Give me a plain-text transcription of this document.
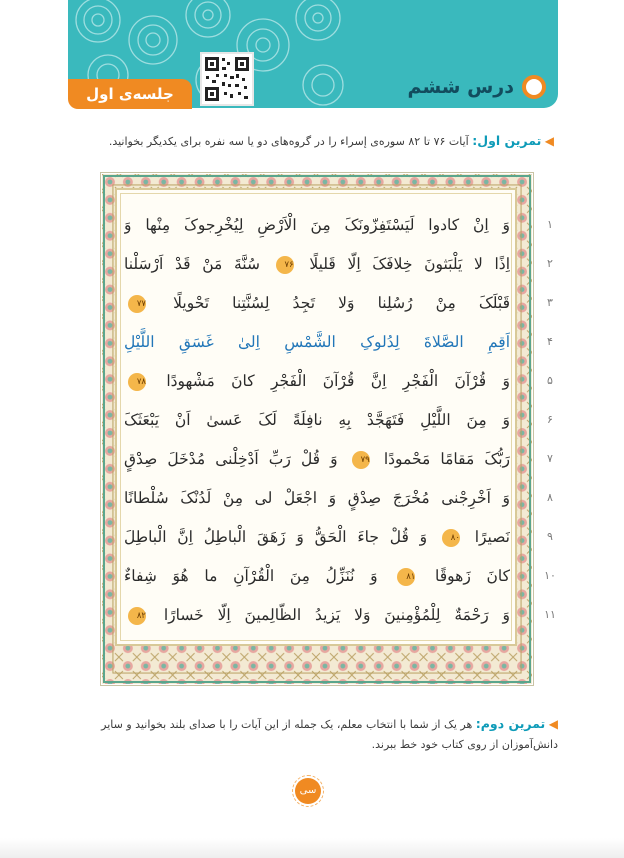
درس ششم
جلسه‌ی اول
◀ تمرین اول: آیات ۷۶ تا ۸۲ سوره‌ی إسراء را در گروه‌های دو یا سه نفره برای یکدیگر بخوانید.
وَ اِنْ کادوا لَیَسْتَفِزّونَکَ مِنَ الْاَرْضِ لِیُخْرِجوکَ مِنْها وَ	۱
اِذًا لا یَلْبَثونَ خِلافَکَ اِلّا قَلیلًا ۷۶ سُنَّةَ مَنْ قَدْ اَرْسَلْنا	۲
قَبْلَکَ مِنْ رُسُلِنا وَلا تَجِدُ لِسُنَّتِنا تَحْویلًا ۷۷	۳
اَقِمِ الصَّلاةَ لِدُلوکِ الشَّمْسِ اِلیٰ غَسَقِ اللَّیْلِ	۴
وَ قُرْآنَ الْفَجْرِ اِنَّ قُرْآنَ الْفَجْرِ کانَ مَشْهودًا ۷۸	۵
وَ مِنَ اللَّیْلِ فَتَهَجَّدْ بِهِ نافِلَةً لَکَ عَسیٰ اَنْ یَبْعَثَکَ	۶
رَبُّکَ مَقامًا مَحْمودًا ۷۹ وَ قُلْ رَبِّ اَدْخِلْنی مُدْخَلَ صِدْقٍ	۷
وَ اَخْرِجْنی مُخْرَجَ صِدْقٍ وَ اجْعَلْ لی مِنْ لَدُنْکَ سُلْطانًا	۸
نَصیرًا ۸۰ وَ قُلْ جاءَ الْحَقُّ وَ زَهَقَ الْباطِلُ اِنَّ الْباطِلَ	۹
کانَ زَهوقًا ۸۱ وَ نُنَزِّلُ مِنَ الْقُرْآنِ ما هُوَ شِفاءٌ	۱۰
وَ رَحْمَةٌ لِلْمُؤْمِنینَ وَلا یَزیدُ الظّالِمینَ اِلّا خَسارًا ۸۲	۱۱
◀ تمرین دوم: هر یک از شما با انتخاب معلم، یک جمله از این آیات را با صدای بلند بخوانید و سایر
دانش‌آموزان از روی کتاب خود خط ببرند.
سی
